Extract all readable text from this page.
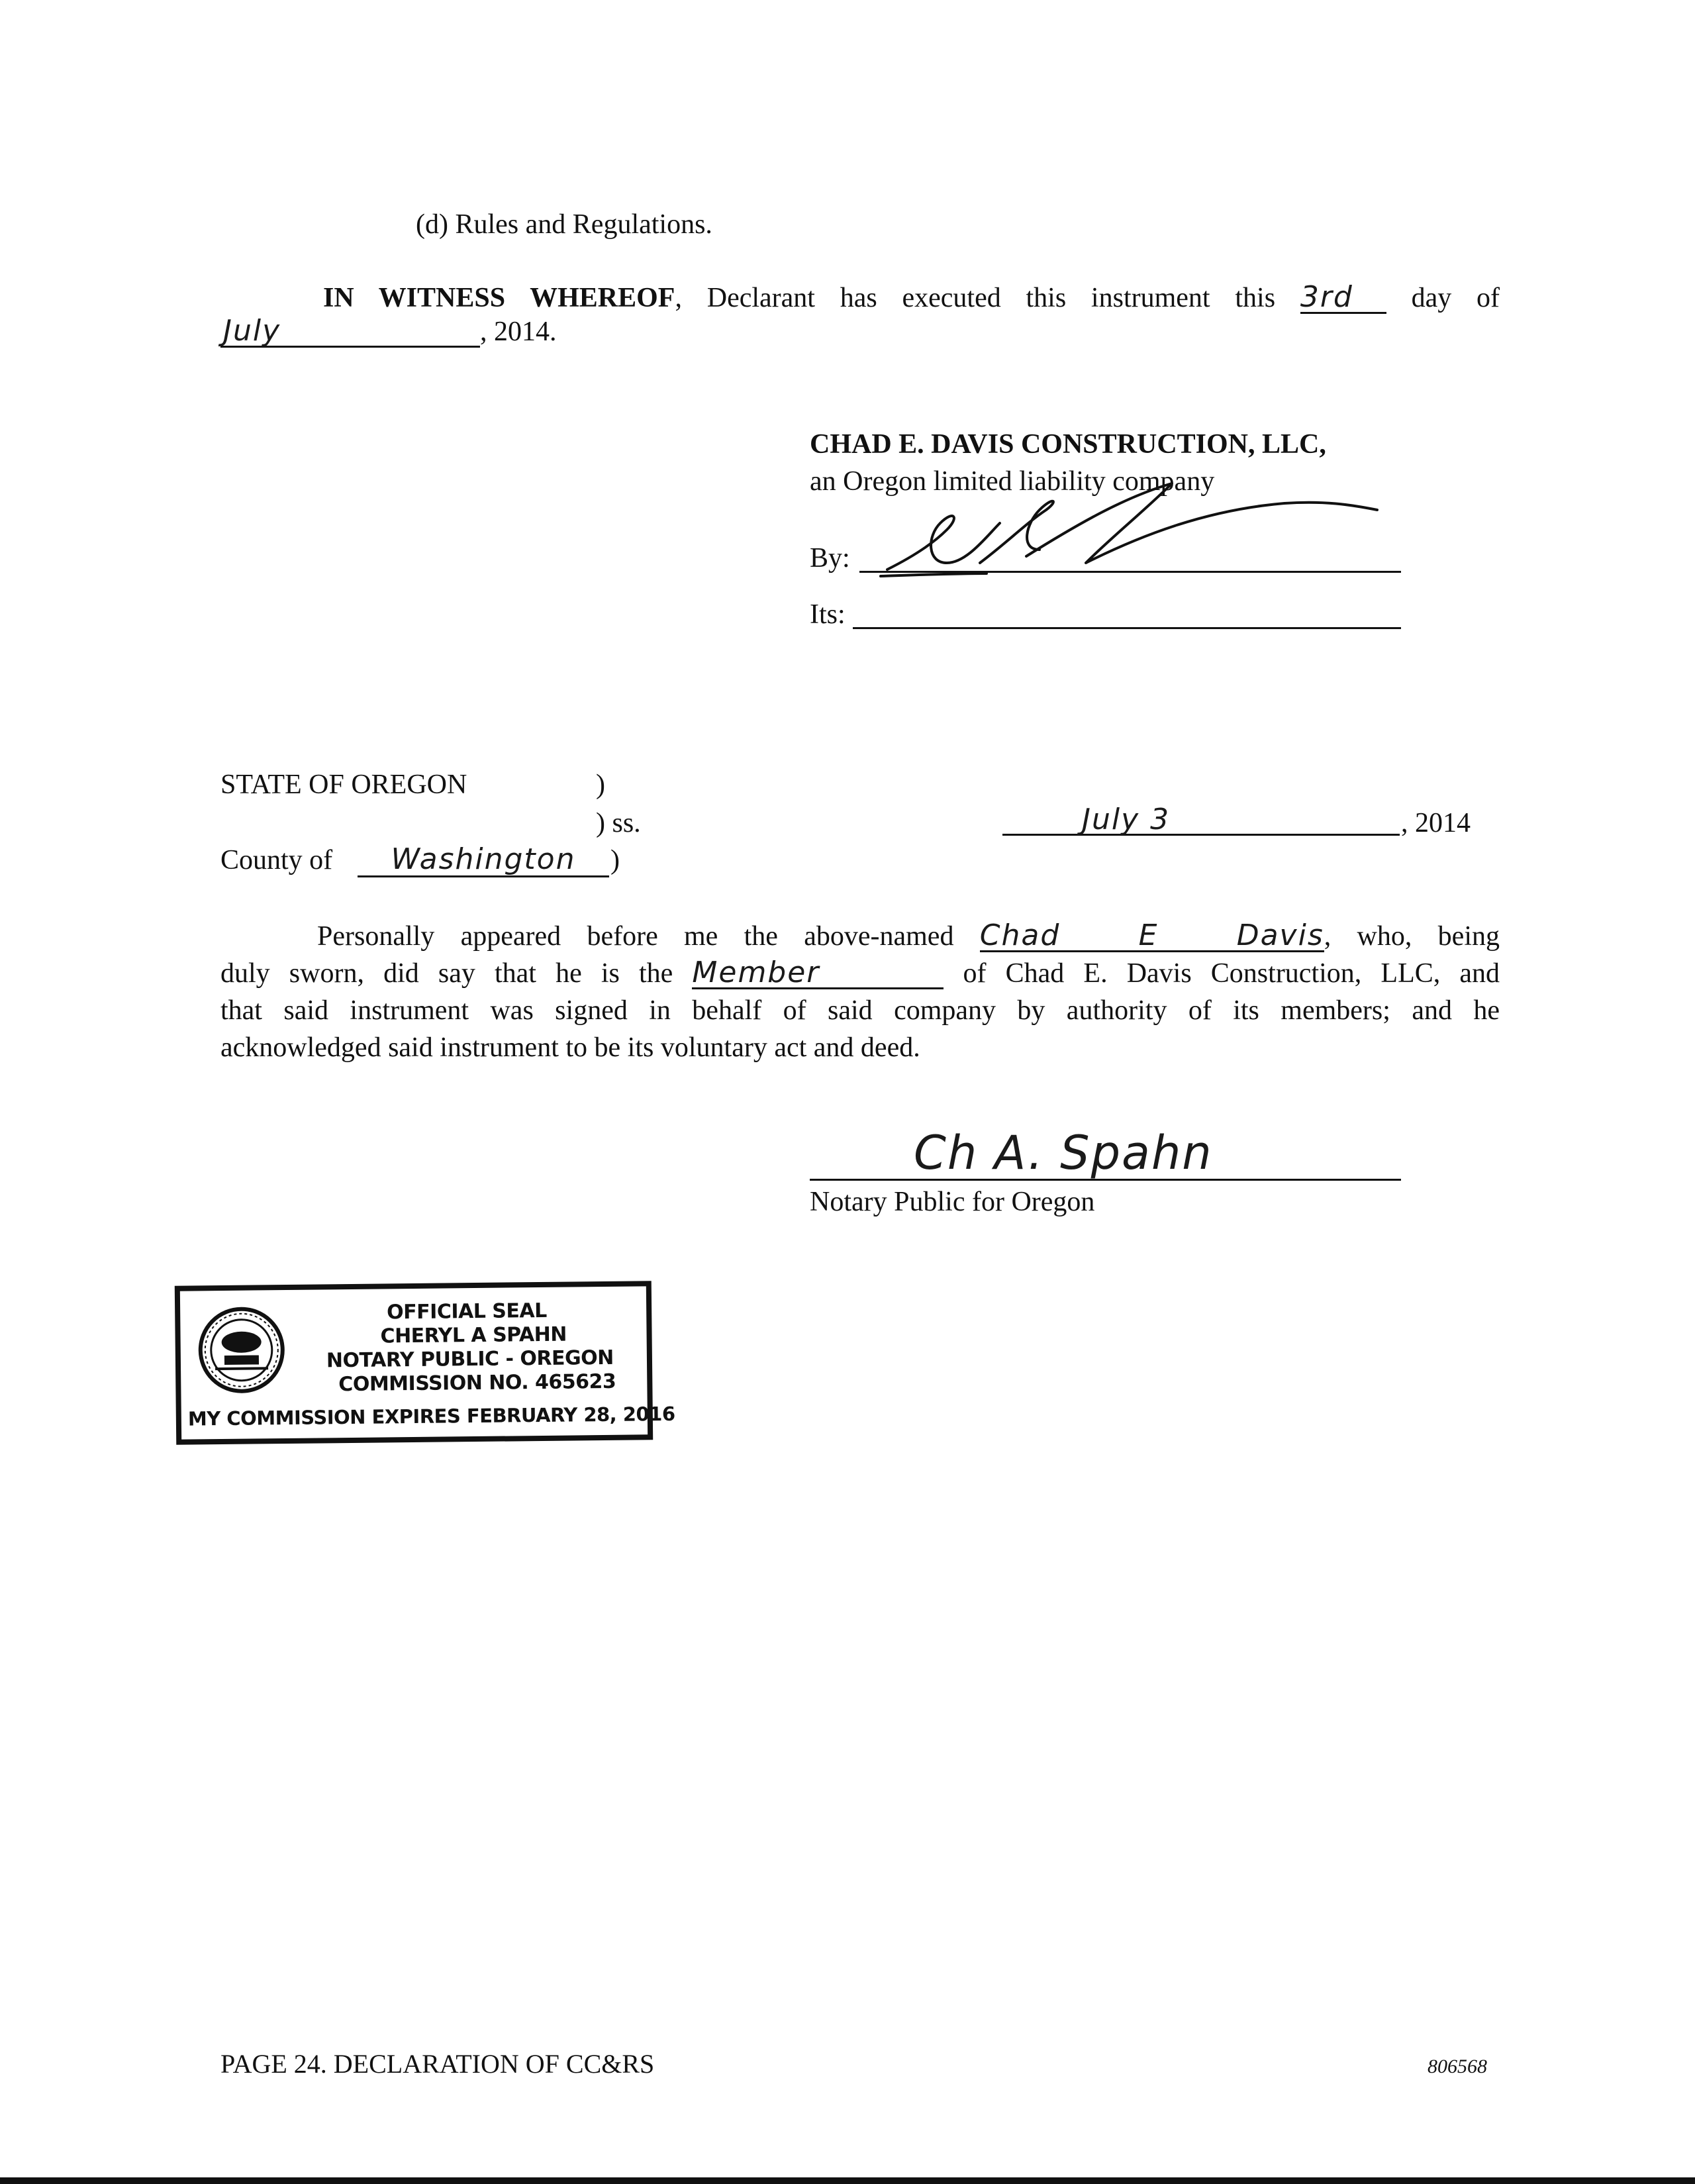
(d) Rules and Regulations.
IN WITNESS WHEREOF, Declarant has executed this instrument this 3rd day of
July	, 2014.
CHAD E. DAVIS CONSTRUCTION, LLC,
an Oregon limited liability company
By:
Its:
STATE OF OREGON	)
) ss.
County of	Washington	)
July 3	, 2014
Personally appeared before me the above-named Chad E Davis, who, being
duly sworn, did say that he is the Member	of Chad E. Davis Construction, LLC, and
that said instrument was signed in behalf of said company by authority of its members; and he
acknowledged said instrument to be its voluntary act and deed.
Ch A. Spahn
Notary Public for Oregon
OFFICIAL SEAL
CHERYL A SPAHN
NOTARY PUBLIC - OREGON
COMMISSION NO. 465623
MY COMMISSION EXPIRES FEBRUARY 28, 2016
PAGE 24. DECLARATION OF CC&RS	806568
